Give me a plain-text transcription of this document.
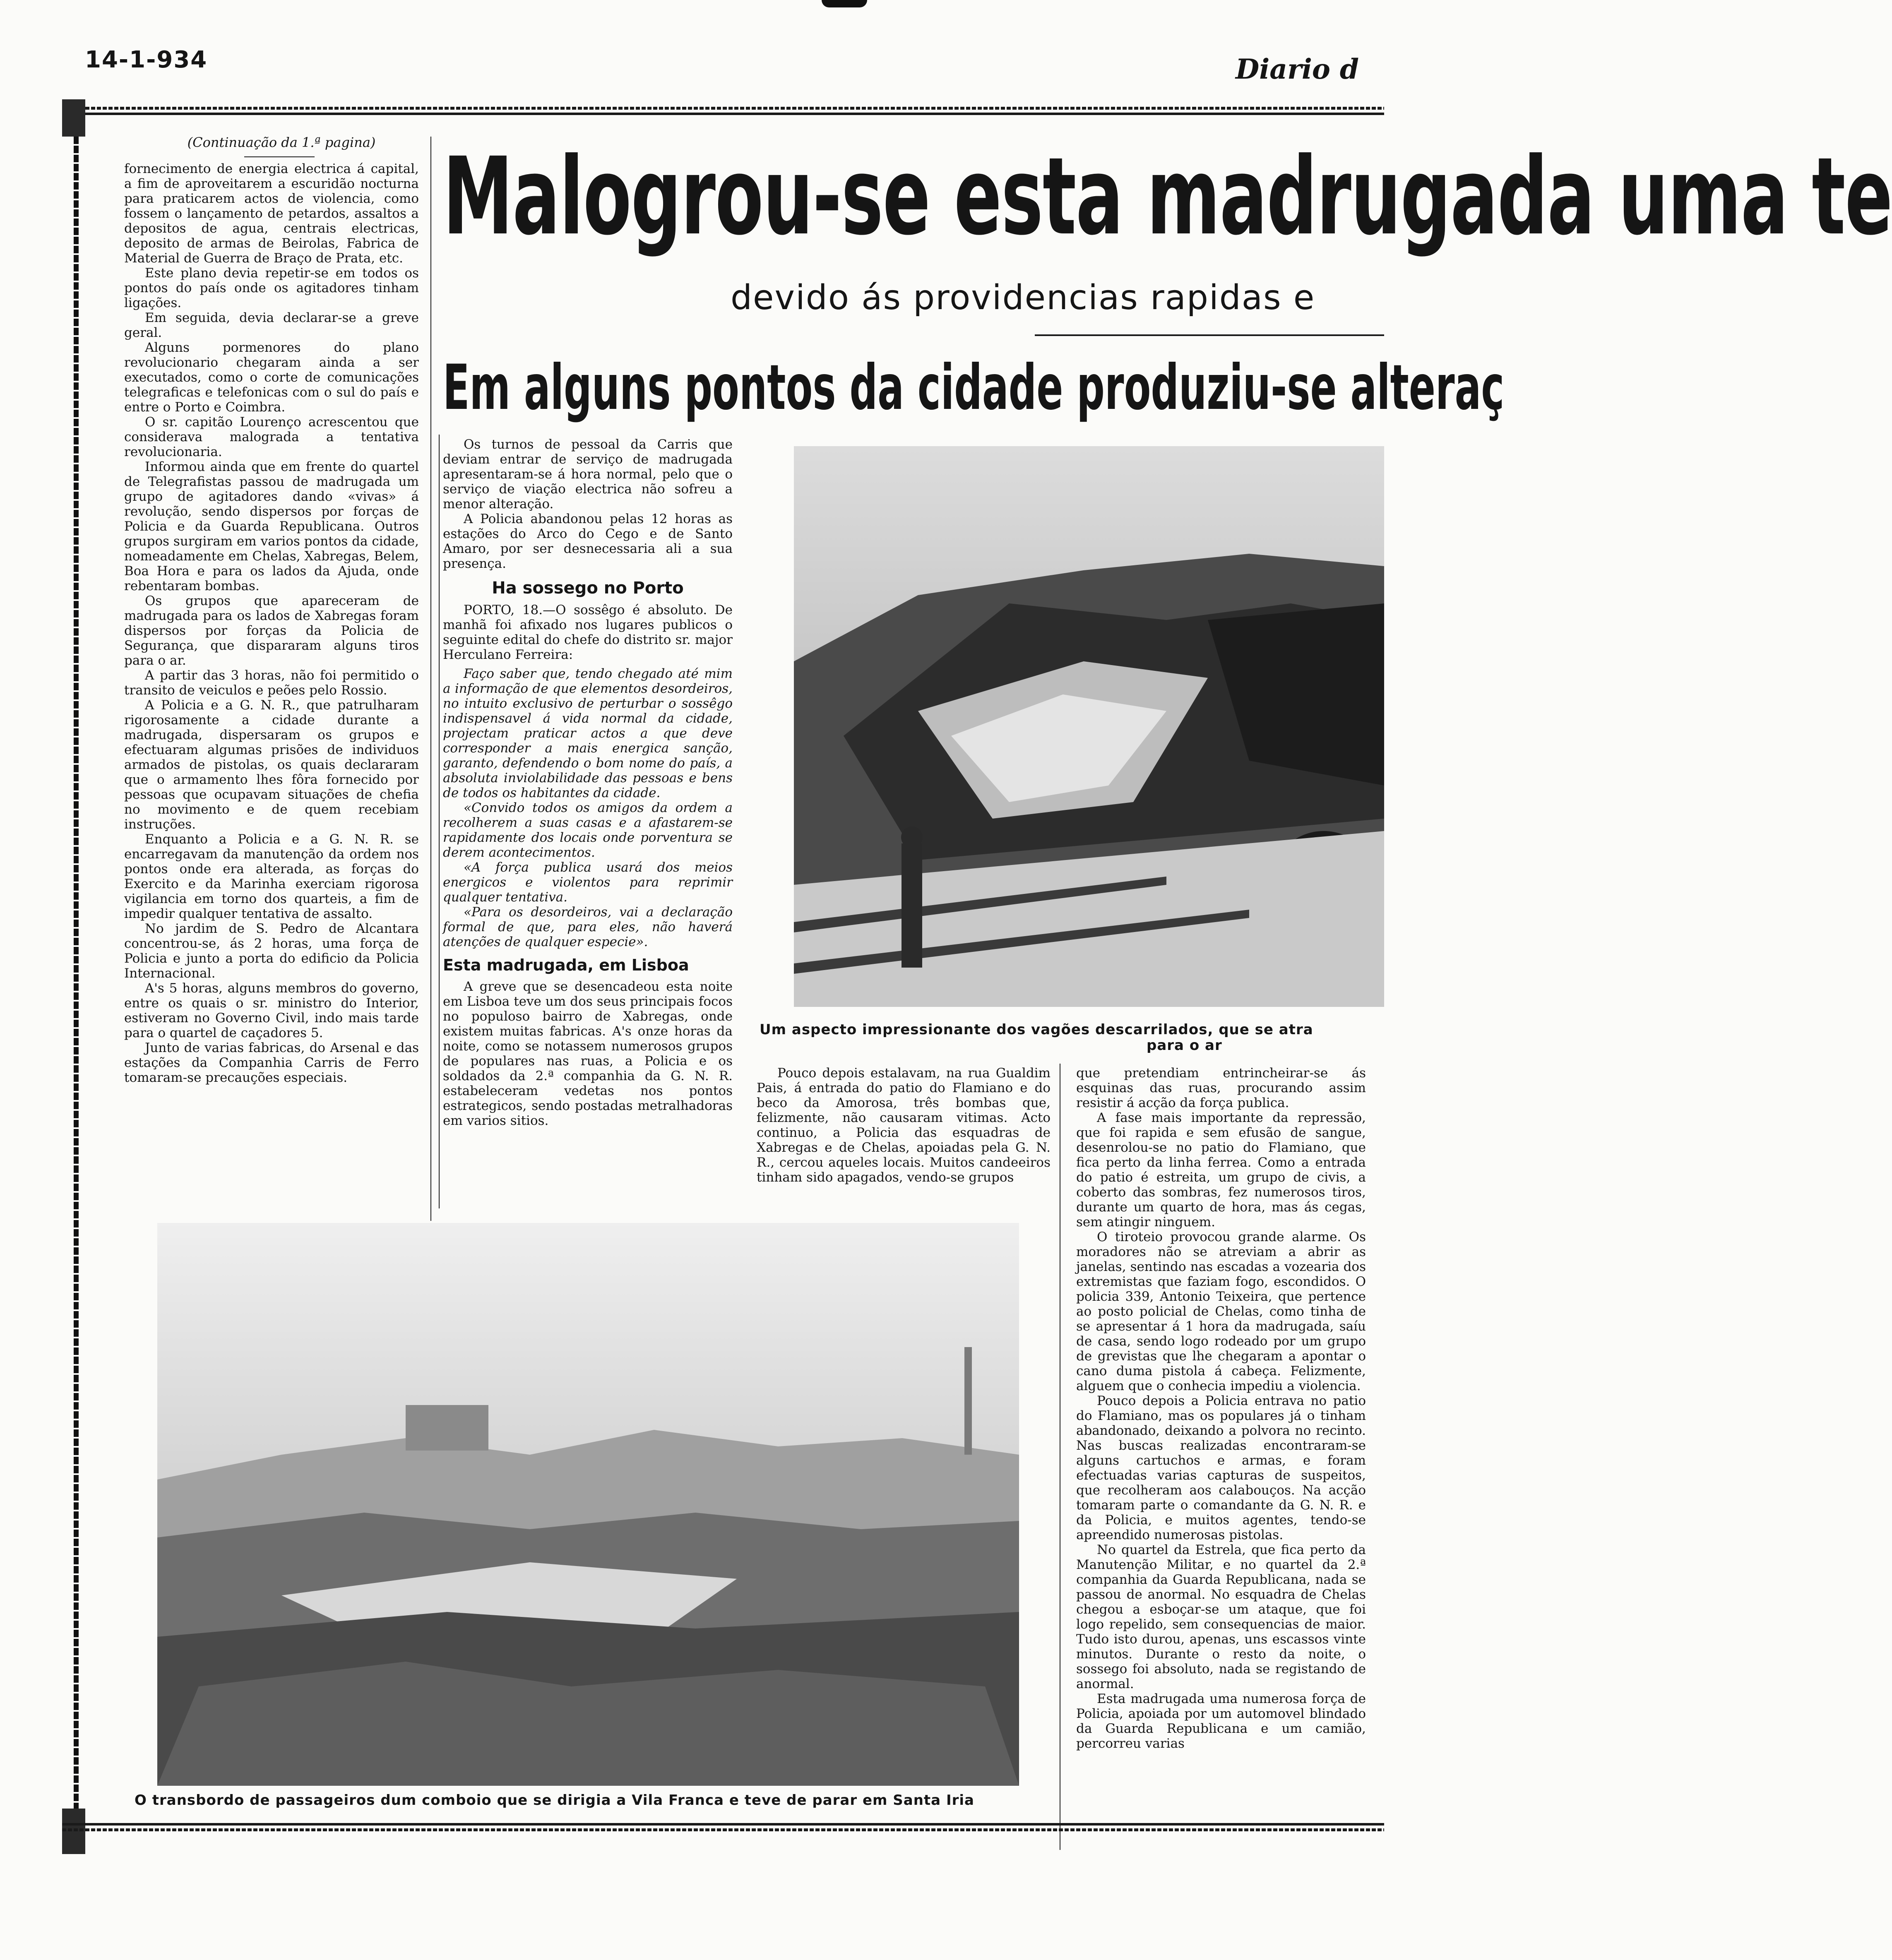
14-1-934	Diario d
(Continuação da 1.ª pagina)

fornecimento de energia electrica á capital, a fim de aproveitarem a escuridão nocturna para praticarem actos de violencia, como fossem o lançamento de petardos, assaltos a depositos de agua, centrais electricas, deposito de armas de Beirolas, Fabrica de Material de Guerra de Braço de Prata, etc.

Este plano devia repetir-se em todos os pontos do país onde os agitadores tinham ligações.

Em seguida, devia declarar-se a greve geral.

Alguns pormenores do plano revolucionario chegaram ainda a ser executados, como o corte de comunicações telegraficas e telefonicas com o sul do país e entre o Porto e Coimbra.

O sr. capitão Lourenço acrescentou que considerava malograda a tentativa revolucionaria.

Informou ainda que em frente do quartel de Telegrafistas passou de madrugada um grupo de agitadores dando «vivas» á revolução, sendo dispersos por forças de Policia e da Guarda Republicana. Outros grupos surgiram em varios pontos da cidade, nomeadamente em Chelas, Xabregas, Belem, Boa Hora e para os lados da Ajuda, onde rebentaram bombas.

Os grupos que apareceram de madrugada para os lados de Xabregas foram dispersos por forças da Policia de Segurança, que dispararam alguns tiros para o ar.

A partir das 3 horas, não foi permitido o transito de veiculos e peões pelo Rossio.

A Policia e a G. N. R., que patrulharam rigorosamente a cidade durante a madrugada, dispersaram os grupos e efectuaram algumas prisões de individuos armados de pistolas, os quais declararam que o armamento lhes fôra fornecido por pessoas que ocupavam situações de chefia no movimento e de quem recebiam instruções.

Enquanto a Policia e a G. N. R. se encarregavam da manutenção da ordem nos pontos onde era alterada, as forças do Exercito e da Marinha exerciam rigorosa vigilancia em torno dos quarteis, a fim de impedir qualquer tentativa de assalto.

No jardim de S. Pedro de Alcantara concentrou-se, ás 2 horas, uma força de Policia e junto a porta do edificio da Policia Internacional.

A's 5 horas, alguns membros do governo, entre os quais o sr. ministro do Interior, estiveram no Governo Civil, indo mais tarde para o quartel de caçadores 5.

Junto de varias fabricas, do Arsenal e das estações da Companhia Carris de Ferro tomaram-se precauções especiais.

Malogrou-se esta madrugada uma te
devido ás providencias rapidas e
Em alguns pontos da cidade produziu-se alteraç

Os turnos de pessoal da Carris que deviam entrar de serviço de madrugada apresentaram-se á hora normal, pelo que o serviço de viação electrica não sofreu a menor alteração.

A Policia abandonou pelas 12 horas as estações do Arco do Cego e de Santo Amaro, por ser desnecessaria ali a sua presença.

Ha sossego no Porto

PORTO, 18.—O sossêgo é absoluto. De manhã foi afixado nos lugares publicos o seguinte edital do chefe do distrito sr. major Herculano Ferreira:

Faço saber que, tendo chegado até mim a informação de que elementos desordeiros, no intuito exclusivo de perturbar o sossêgo indispensavel á vida normal da cidade, projectam praticar actos a que deve corresponder a mais energica sanção, garanto, defendendo o bom nome do país, a absoluta inviolabilidade das pessoas e bens de todos os habitantes da cidade.

«Convido todos os amigos da ordem a recolherem a suas casas e a afastarem-se rapidamente dos locais onde porventura se derem acontecimentos.

«A força publica usará dos meios energicos e violentos para reprimir qualquer tentativa.

«Para os desordeiros, vai a declaração formal de que, para eles, não haverá atenções de qualquer especie».

Esta madrugada, em Lisboa

A greve que se desencadeou esta noite em Lisboa teve um dos seus principais focos no populoso bairro de Xabregas, onde existem muitas fabricas. A's onze horas da noite, como se notassem numerosos grupos de populares nas ruas, a Policia e os soldados da 2.ª companhia da G. N. R. estabeleceram vedetas nos pontos estrategicos, sendo postadas metralhadoras em varios sitios.

Um aspecto impressionante dos vagões descarrilados, que se atra
para o ar

Pouco depois estalavam, na rua Gualdim Pais, á entrada do patio do Flamiano e do beco da Amorosa, três bombas que, felizmente, não causaram vitimas. Acto continuo, a Policia das esquadras de Xabregas e de Chelas, apoiadas pela G. N. R., cercou aqueles locais. Muitos candeeiros tinham sido apagados, vendo-se grupos

que pretendiam entrincheirar-se ás esquinas das ruas, procurando assim resistir á acção da força publica.

A fase mais importante da repressão, que foi rapida e sem efusão de sangue, desenrolou-se no patio do Flamiano, que fica perto da linha ferrea. Como a entrada do patio é estreita, um grupo de civis, a coberto das sombras, fez numerosos tiros, durante um quarto de hora, mas ás cegas, sem atingir ninguem.

O tiroteio provocou grande alarme. Os moradores não se atreviam a abrir as janelas, sentindo nas escadas a vozearia dos extremistas que faziam fogo, escondidos. O policia 339, Antonio Teixeira, que pertence ao posto policial de Chelas, como tinha de se apresentar á 1 hora da madrugada, saíu de casa, sendo logo rodeado por um grupo de grevistas que lhe chegaram a apontar o cano duma pistola á cabeça. Felizmente, alguem que o conhecia impediu a violencia.

Pouco depois a Policia entrava no patio do Flamiano, mas os populares já o tinham abandonado, deixando a polvora no recinto. Nas buscas realizadas encontraram-se alguns cartuchos e armas, e foram efectuadas varias capturas de suspeitos, que recolheram aos calabouços. Na acção tomaram parte o comandante da G. N. R. e da Policia, e muitos agentes, tendo-se apreendido numerosas pistolas.

No quartel da Estrela, que fica perto da Manutenção Militar, e no quartel da 2.ª companhia da Guarda Republicana, nada se passou de anormal. No esquadra de Chelas chegou a esboçar-se um ataque, que foi logo repelido, sem consequencias de maior. Tudo isto durou, apenas, uns escassos vinte minutos. Durante o resto da noite, o sossego foi absoluto, nada se registando de anormal.

Esta madrugada uma numerosa força de Policia, apoiada por um automovel blindado da Guarda Republicana e um camião, percorreu varias

O transbordo de passageiros dum comboio que se dirigia a Vila Franca e teve de parar em Santa Iria
